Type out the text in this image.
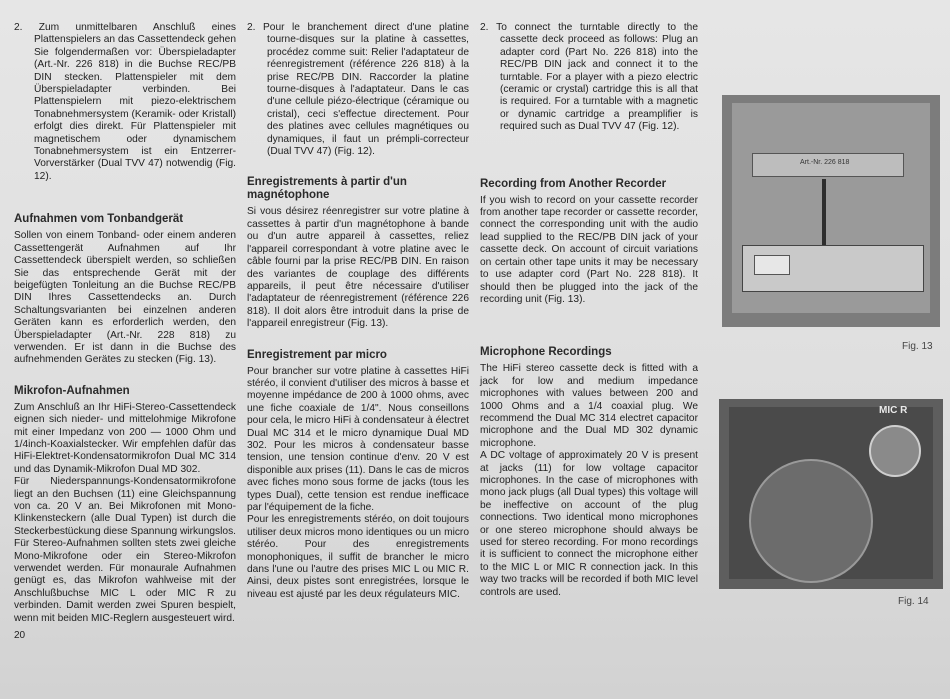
2. Zum unmittelbaren Anschluß eines Plattenspielers an das Cassettendeck gehen Sie folgendermaßen vor: Überspieladapter (Art.-Nr. 226 818) in die Buchse REC/PB DIN stecken. Plattenspieler mit dem Überspieladapter verbinden. Bei Plattenspielern mit piezo-elektrischem Tonabnehmersystem (Keramik- oder Kristall) erfolgt dies direkt. Für Plattenspieler mit magnetischem oder dynamischem Tonabnehmersystem ist ein Entzerrer-Vorverstärker (Dual TVV 47) notwendig (Fig. 12).

Aufnahmen vom Tonbandgerät

Sollen von einem Tonband- oder einem anderen Cassettengerät Aufnahmen auf Ihr Cassettendeck überspielt werden, so schließen Sie das entsprechende Gerät mit der beigefügten Tonleitung an die Buchse REC/PB DIN Ihres Cassettendecks an. Durch Schaltungsvarianten bei einzelnen anderen Geräten kann es erforderlich werden, den Überspieladapter (Art.-Nr. 228 818) zu verwenden. Er ist dann in die Buchse des aufnehmenden Gerätes zu stecken (Fig. 13).

Mikrofon-Aufnahmen

Zum Anschluß an Ihr HiFi-Stereo-Cassettendeck eignen sich nieder- und mittelohmige Mikrofone mit einer Impedanz von 200 — 1000 Ohm und 1/4inch-Koaxialstecker. Wir empfehlen dafür das HiFi-Elektret-Kondensatormikrofon Dual MC 314 und das Dynamik-Mikrofon Dual MD 302.

Für Niederspannungs-Kondensatormikrofone liegt an den Buchsen (11) eine Gleichspannung von ca. 20 V an. Bei Mikrofonen mit Mono-Klinkensteckern (alle Dual Typen) ist durch die Steckerbestückung diese Spannung wirkungslos.

Für Stereo-Aufnahmen sollten stets zwei gleiche Mono-Mikrofone oder ein Stereo-Mikrofon verwendet werden. Für monaurale Aufnahmen genügt es, das Mikrofon wahlweise mit der Anschlußbuchse MIC L oder MIC R zu verbinden. Damit werden zwei Spuren bespielt, wenn mit beiden MIC-Reglern ausgesteuert wird.

2. Pour le branchement direct d'une platine tourne-disques sur la platine à cassettes, procédez comme suit: Relier l'adaptateur de réenregistrement (référence 226 818) à la prise REC/PB DIN. Raccorder la platine tourne-disques à l'adaptateur. Dans le cas d'une cellule piézo-électrique (céramique ou cristal), ceci s'effectue directement. Pour des platines avec cellules magnétiques ou dynamiques, il faut un prémpli-correcteur (Dual TVV 47) (Fig. 12).

Enregistrements à partir d'un magnétophone

Si vous désirez réenregistrer sur votre platine à cassettes à partir d'un magnétophone à bande ou d'un autre appareil à cassettes, reliez l'appareil correspondant à votre platine avec le câble fourni par la prise REC/PB DIN. En raison des variantes de couplage des différents appareils, il peut être nécessaire d'utiliser l'adaptateur de réenregistrement (référence 226 818). Il doit alors être introduit dans la prise de l'appareil enregistreur (Fig. 13).

Enregistrement par micro

Pour brancher sur votre platine à cassettes HiFi stéréo, il convient d'utiliser des micros à basse et moyenne impédance de 200 à 1000 ohms, avec une fiche coaxiale de 1/4". Nous conseillons pour cela, le micro HiFi à condensateur à électret Dual MC 314 et le micro dynamique Dual MD 302. Pour les micros à condensateur basse tension, une tension continue d'env. 20 V est disponible aux prises (11). Dans le cas de micros avec fiches mono sous forme de jacks (tous les types Dual), cette tension est rendue inefficace par l'équipement de la fiche.

Pour les enregistrements stéréo, on doit toujours utiliser deux micros mono identiques ou un micro stéréo. Pour des enregistrements monophoniques, il suffit de brancher le micro dans l'une ou l'autre des prises MIC L ou MIC R. Ainsi, deux pistes sont enregistrées, lorsque le niveau est ajusté par les deux régulateurs MIC.

2. To connect the turntable directly to the cassette deck proceed as follows: Plug an adapter cord (Part No. 226 818) into the REC/PB DIN jack and connect it to the turntable. For a player with a piezo electric (ceramic or crystal) cartridge this is all that is required. For a turntable with a magnetic or dynamic cartridge a preamplifier is required such as Dual TVV 47 (Fig. 12).

Recording from Another Recorder

If you wish to record on your cassette recorder from another tape recorder or cassette recorder, connect the corresponding unit with the audio lead supplied to the REC/PB DIN jack of your cassette deck. On account of circuit variations on certain other tape units it may be necessary to use adapter cord (Part No. 228 818). It should then be plugged into the jack of the recording unit (Fig. 13).

Microphone Recordings

The HiFi stereo cassette deck is fitted with a jack for low and medium impedance microphones with values between 200 and 1000 Ohms and a 1/4 coaxial plug. We recommend the Dual MC 314 electret capacitor microphone and the Dual MD 302 dynamic microphone.

A DC voltage of approximately 20 V is present at jacks (11) for low voltage capacitor microphones. In the case of microphones with mono jack plugs (all Dual types) this voltage will be ineffective on account of the plug connections. Two identical mono microphones or one stereo microphone should always be used for stereo recording. For mono recordings it is sufficient to connect the microphone either to the MIC L or MIC R connection jack. In this way two tracks will be recorded if both MIC level controls are used.

Art.-Nr. 226 818
Fig. 13
MIC R
Fig. 14
20
